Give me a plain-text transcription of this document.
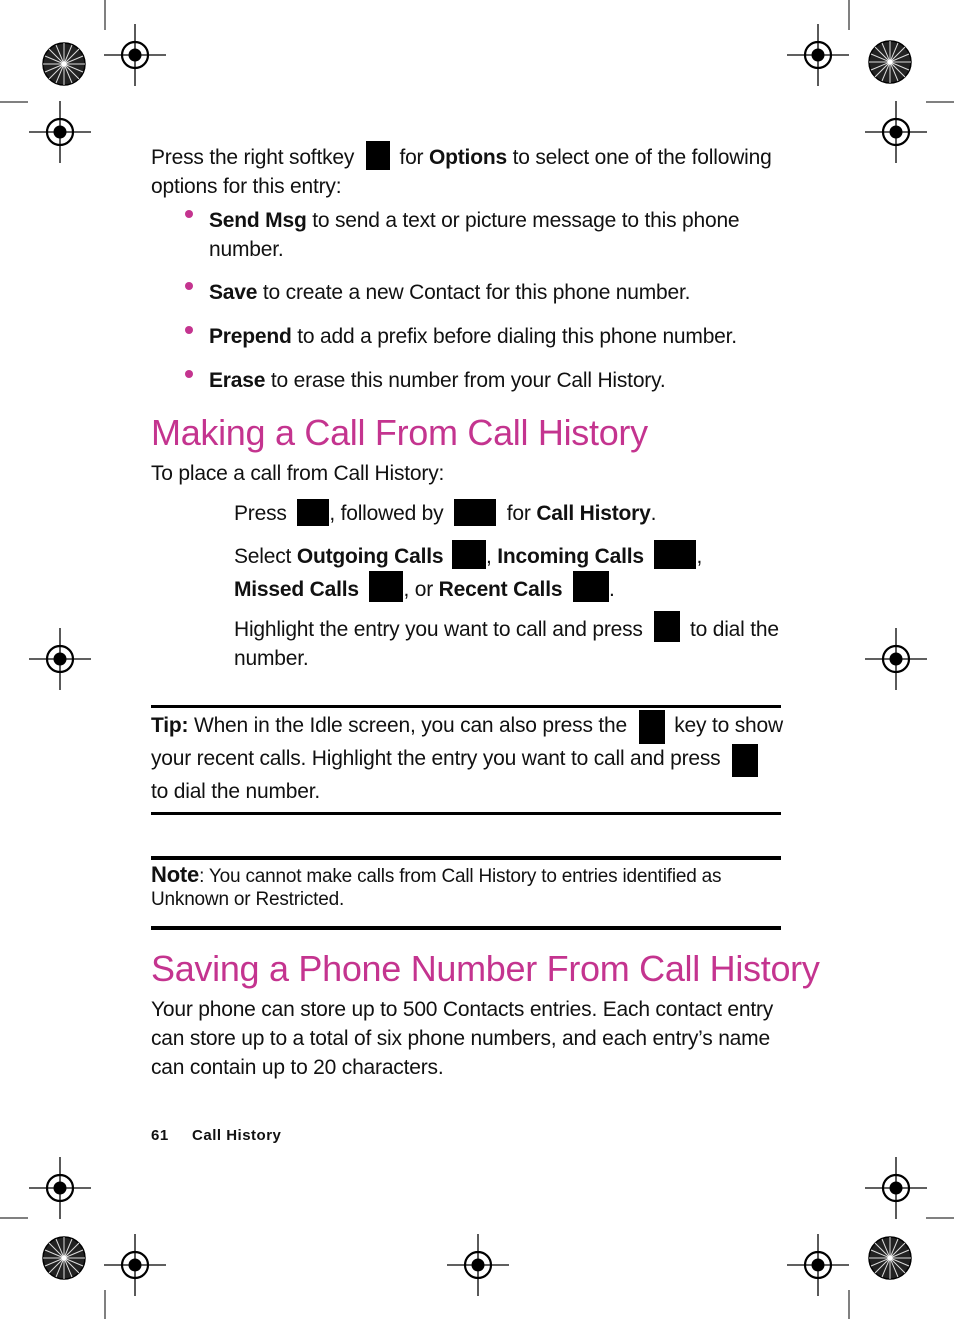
Press the right softkey for Options to select one of the following options for this entry:
Send Msg to send a text or picture message to this phone number.
Save to create a new Contact for this phone number.
Prepend to add a prefix before dialing this phone number.
Erase to erase this number from your Call History.
Making a Call From Call History
To place a call from Call History:
Press , followed by	for Call History.
Select Outgoing Calls , Incoming Calls	,
Missed Calls , or Recent Calls .
Highlight the entry you want to call and press to dial the number.
Tip: When in the Idle screen, you can also press the key to show
your recent calls. Highlight the entry you want to call and press
to dial the number.
Note: You cannot make calls from Call History to entries identified as Unknown or Restricted.
Saving a Phone Number From Call History
Your phone can store up to 500 Contacts entries. Each contact entry can store up to a total of six phone numbers, and each entry’s name can contain up to 20 characters.
61 Call History
